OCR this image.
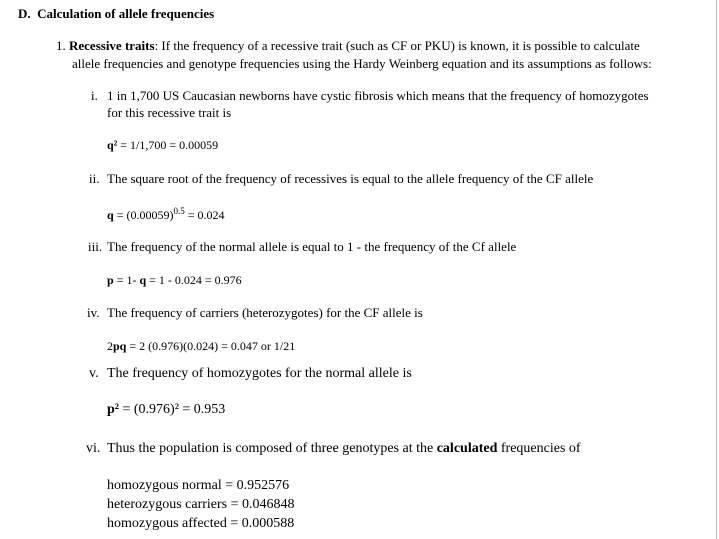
D. Calculation of allele frequencies
1. Recessive traits: If the frequency of a recessive trait (such as CF or PKU) is known, it is possible to calculate
allele frequencies and genotype frequencies using the Hardy Weinberg equation and its assumptions as follows:
i. 1 in 1,700 US Caucasian newborns have cystic fibrosis which means that the frequency of homozygotes
for this recessive trait is
q² = 1/1,700 = 0.00059
ii. The square root of the frequency of recessives is equal to the allele frequency of the CF allele
$q = (0.00059)^{0.5} = 0.024$
iii. The frequency of the normal allele is equal to 1 - the frequency of the Cf allele
p = 1- q = 1 - 0.024 = 0.976
iv. The frequency of carriers (heterozygotes) for the CF allele is
2pq = 2 (0.976)(0.024) = 0.047 or 1/21
v. The frequency of homozygotes for the normal allele is
p² = (0.976)² = 0.953
vi. Thus the population is composed of three genotypes at the calculated frequencies of
homozygous normal = 0.952576
heterozygous carriers = 0.046848
homozygous affected = 0.000588
